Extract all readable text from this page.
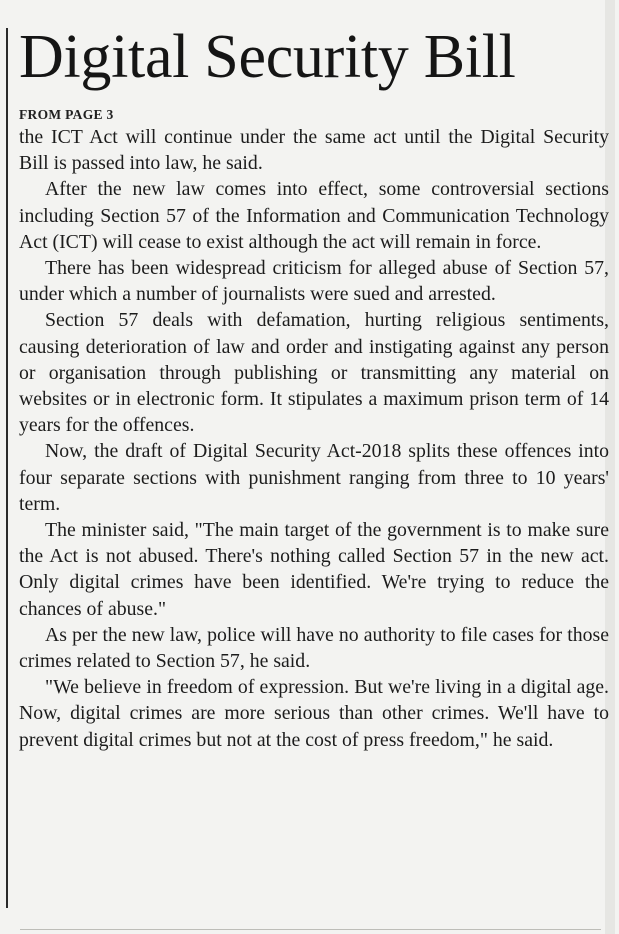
Digital Security Bill
FROM PAGE 3

the ICT Act will continue under the same act until the Digital Security Bill is passed into law, he said.

After the new law comes into effect, some controversial sections including Section 57 of the Information and Communication Technology Act (ICT) will cease to exist although the act will remain in force.

There has been widespread criticism for alleged abuse of Section 57, under which a number of journalists were sued and arrested.

Section 57 deals with defamation, hurting religious sentiments, causing deterioration of law and order and instigating against any person or organisation through publishing or transmitting any material on websites or in electronic form. It stipulates a maximum prison term of 14 years for the offences.

Now, the draft of Digital Security Act-2018 splits these offences into four separate sections with punishment ranging from three to 10 years' term.

The minister said, "The main target of the government is to make sure the Act is not abused. There's nothing called Section 57 in the new act. Only digital crimes have been identified. We're trying to reduce the chances of abuse."

As per the new law, police will have no authority to file cases for those crimes related to Section 57, he said.

"We believe in freedom of expression. But we're living in a digital age. Now, digital crimes are more serious than other crimes. We'll have to prevent digital crimes but not at the cost of press freedom," he said.
